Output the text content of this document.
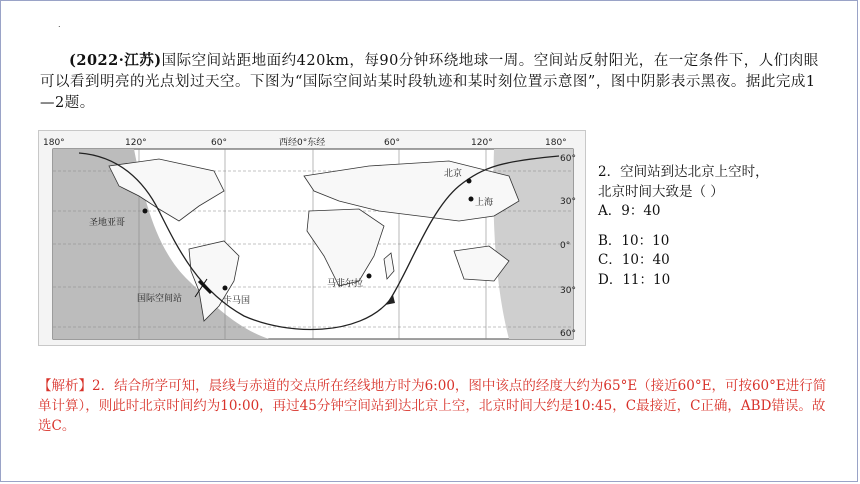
.
(2022·江苏)国际空间站距地面约420km，每90分钟环绕地球一周。空间站反射阳光，在一定条件下，人们肉眼可以看到明亮的光点划过天空。下图为“国际空间站某时段轨迹和某时刻位置示意图”，图中阴影表示黑夜。据此完成1—2题。
180°	120°	60°	西经0°东经	60°	120°	180°
60°
30°
0°
30°
60°
圣地亚哥
国际空间站	卡马国
马非尔拉
北京
上海
2．空间站到达北京上空时，
北京时间大致是（ ）
A．9：40
B．10：10
C．10：40
D．11：10
【解析】2．结合所学可知，晨线与赤道的交点所在经线地方时为6:00，图中该点的经度大约为65°E（接近60°E，可按60°E进行简单计算），则此时北京时间约为10:00，再过45分钟空间站到达北京上空，北京时间大约是10:45，C最接近，C正确，ABD错误。故选C。
